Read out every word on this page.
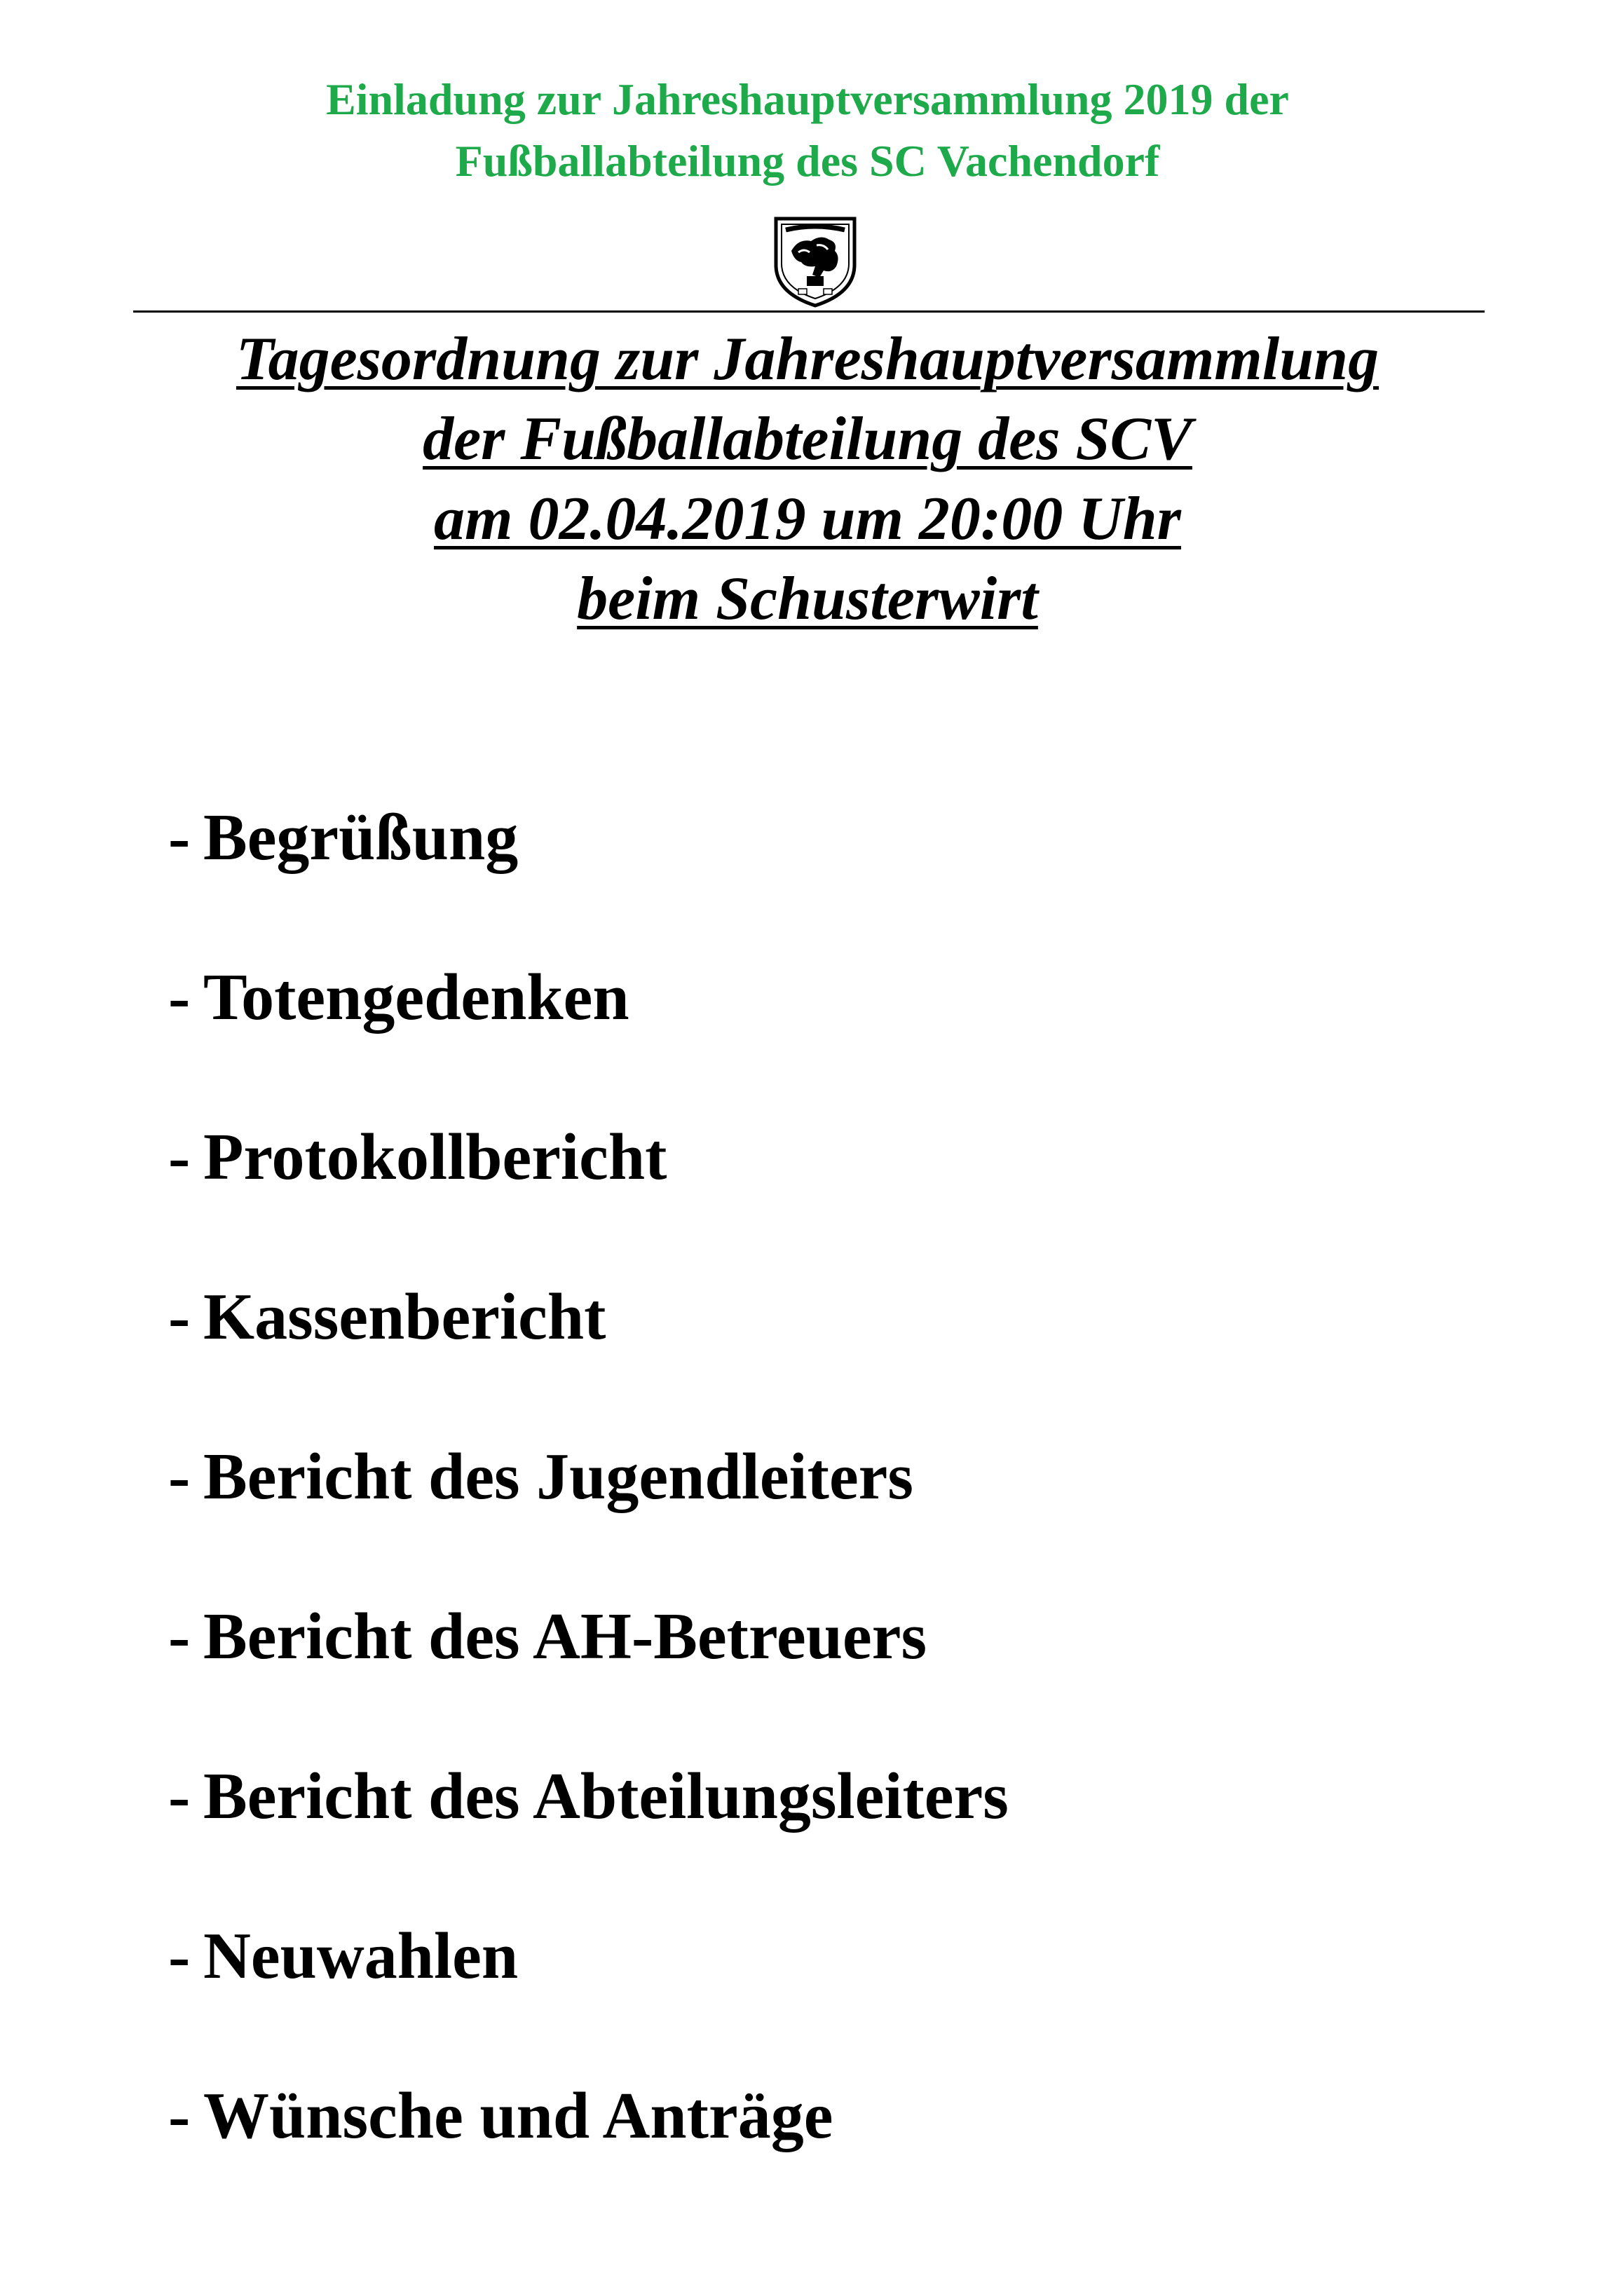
Einladung zur Jahreshauptversammlung 2019 der
Fußballabteilung des SC Vachendorf
Tagesordnung zur Jahreshauptversammlung
der Fußballabteilung des SCV
am 02.04.2019 um 20:00 Uhr
beim Schusterwirt
- Begrüßung
- Totengedenken
- Protokollbericht
- Kassenbericht
- Bericht des Jugendleiters
- Bericht des AH-Betreuers
- Bericht des Abteilungsleiters
- Neuwahlen
- Wünsche und Anträge
